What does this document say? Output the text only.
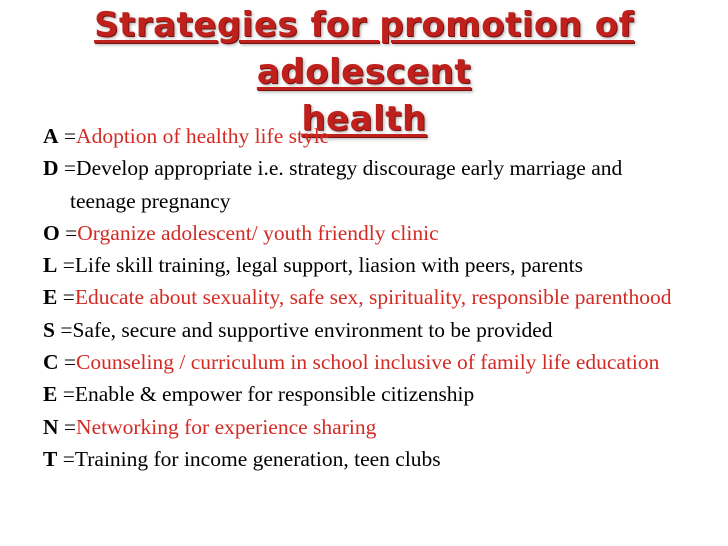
Strategies for promotion of adolescent
health
A =Adoption of healthy life style
D =Develop appropriate i.e. strategy discourage early marriage and teenage pregnancy
O =Organize adolescent/ youth friendly clinic
L =Life skill training, legal support, liasion with peers, parents
E =Educate about sexuality, safe sex, spirituality, responsible parenthood
S =Safe, secure and supportive environment to be provided
C =Counseling / curriculum in school inclusive of family life education
E =Enable & empower for responsible citizenship
N =Networking for experience sharing
T =Training for income generation, teen clubs
